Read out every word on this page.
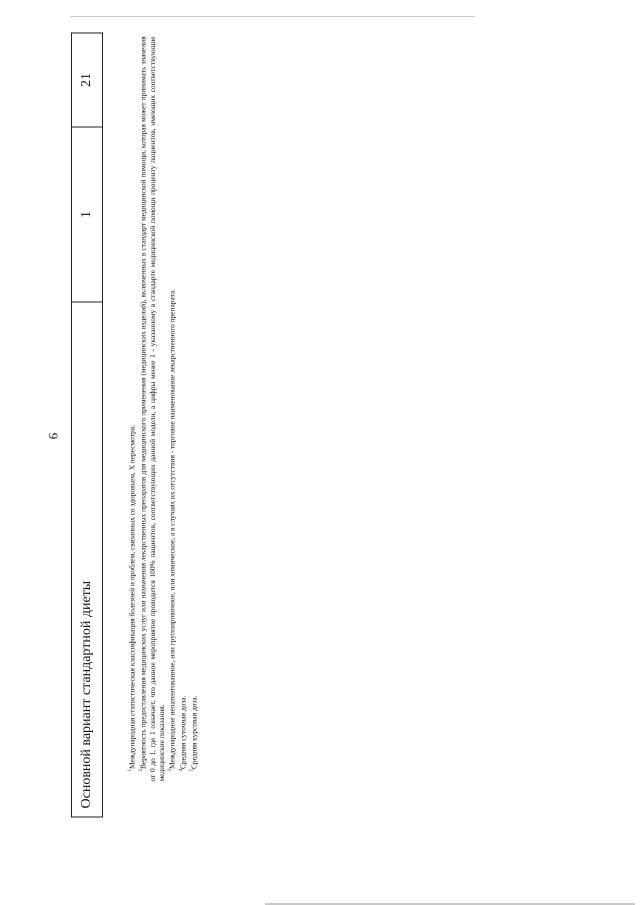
6
Основной вариант стандартной диеты
1
21

$^1$Международная статистическая классификация болезней и проблем, связанных со здоровьем, X пересмотра.

$^2$Вероятность предоставления медицинских услуг или назначения лекарственных препаратов для медицинского применения (медицинских изделий), включенных в стандарт медицинской помощи, которая может принимать значения от 0 до 1, где 1 означает, что данное мероприятие проводится 100% пациентов, соответствующих данной модели, а цифры менее 1 - указанному в стандарте медицинской помощи проценту пациентов, имеющих соответствующие медицинские показания. $^3$Международное непатентованное, или группировочное, или химическое, а в случаях их отсутствия - торговое наименование лекарственного препарата.

$^4$Средняя суточная доза.

$^5$Средняя курсовая доза.
